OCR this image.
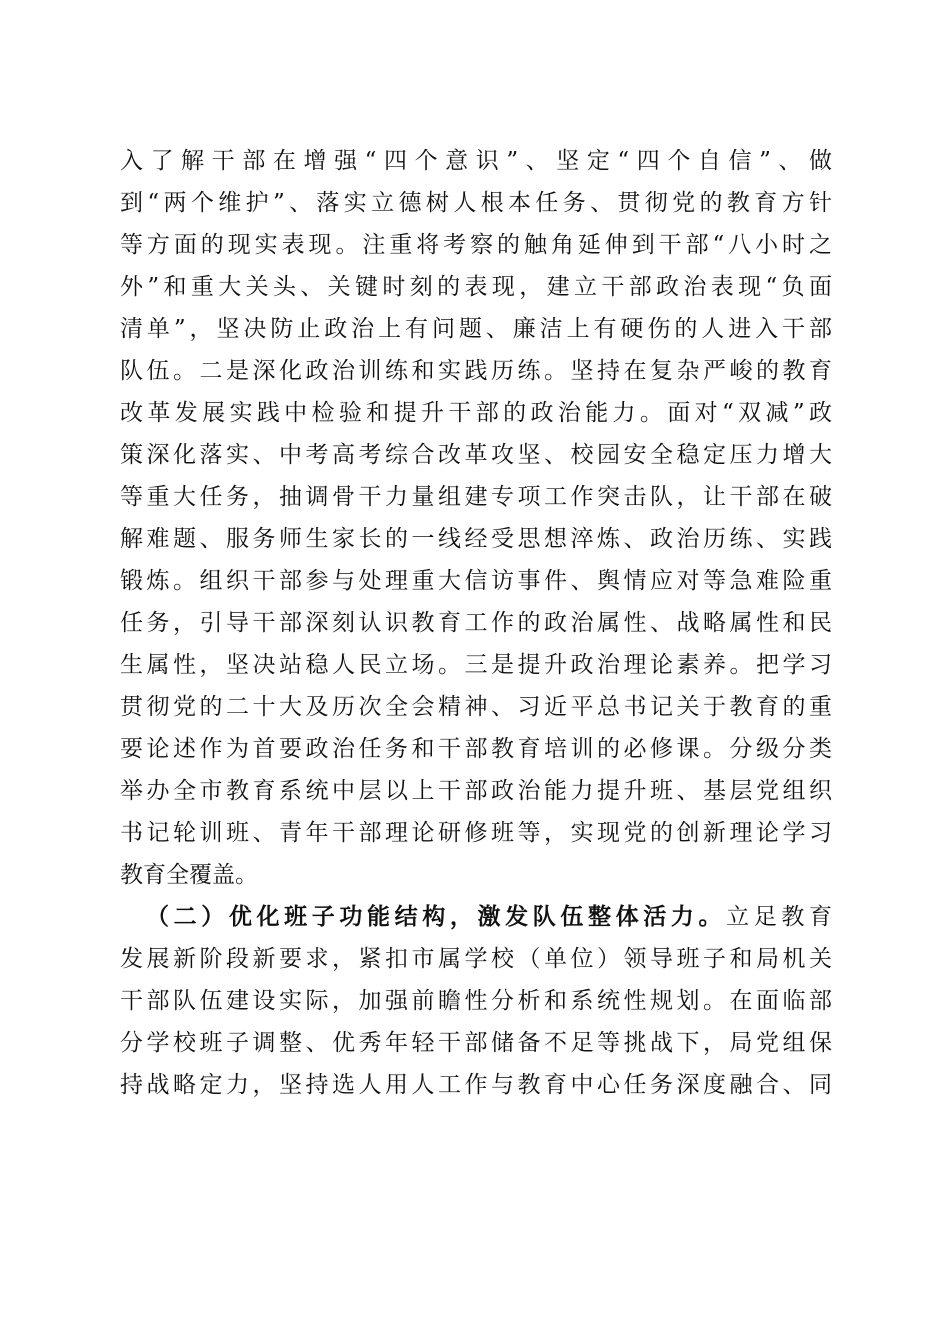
入了解干部在增强“四个意识”、坚定“四个自信”、做
到“两个维护”、落实立德树人根本任务、贯彻党的教育方针
等方面的现实表现。注重将考察的触角延伸到干部“八小时之
外”和重大关头、关键时刻的表现，建立干部政治表现“负面
清单”，坚决防止政治上有问题、廉洁上有硬伤的人进入干部
队伍。二是深化政治训练和实践历练。坚持在复杂严峻的教育
改革发展实践中检验和提升干部的政治能力。面对“双减”政
策深化落实、中考高考综合改革攻坚、校园安全稳定压力增大
等重大任务，抽调骨干力量组建专项工作突击队，让干部在破
解难题、服务师生家长的一线经受思想淬炼、政治历练、实践
锻炼。组织干部参与处理重大信访事件、舆情应对等急难险重
任务，引导干部深刻认识教育工作的政治属性、战略属性和民
生属性，坚决站稳人民立场。三是提升政治理论素养。把学习
贯彻党的二十大及历次全会精神、习近平总书记关于教育的重
要论述作为首要政治任务和干部教育培训的必修课。分级分类
举办全市教育系统中层以上干部政治能力提升班、基层党组织
书记轮训班、青年干部理论研修班等，实现党的创新理论学习
教育全覆盖。
（二）优化班子功能结构，激发队伍整体活力。立足教育
发展新阶段新要求，紧扣市属学校（单位）领导班子和局机关
干部队伍建设实际，加强前瞻性分析和系统性规划。在面临部
分学校班子调整、优秀年轻干部储备不足等挑战下，局党组保
持战略定力，坚持选人用人工作与教育中心任务深度融合、同
